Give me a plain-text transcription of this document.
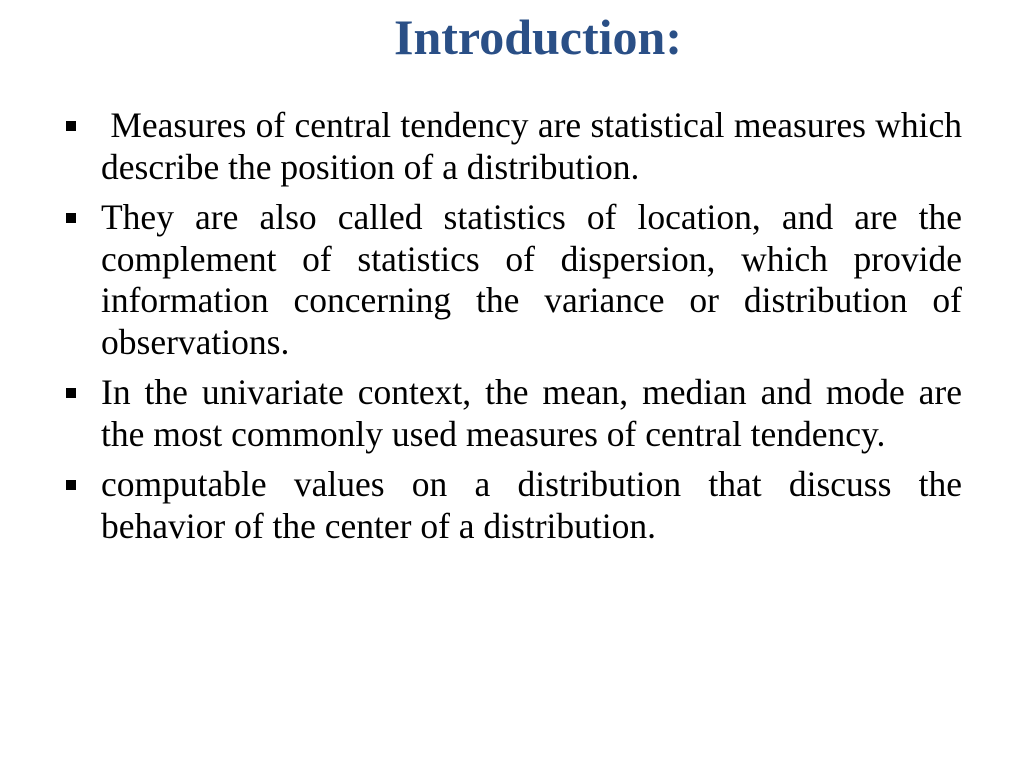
Introduction:
Measures of central tendency are statistical measures which describe the position of a distribution.
They are also called statistics of location, and are the complement of statistics of dispersion, which provide information concerning the variance or distribution of observations.
In the univariate context, the mean, median and mode are the most commonly used measures of central tendency.
computable values on a distribution that discuss the behavior of the center of a distribution.
